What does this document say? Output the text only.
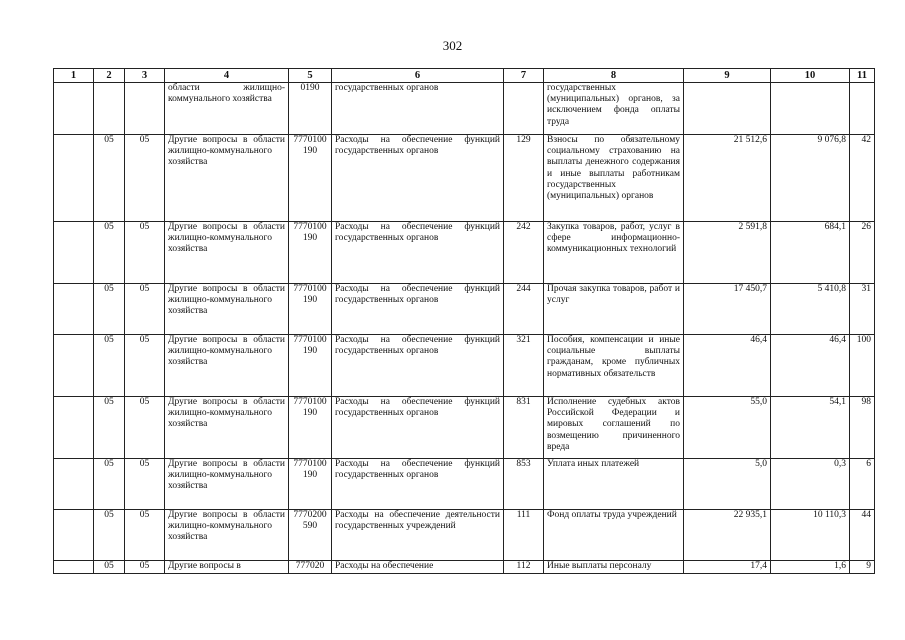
302
1	2	3	4	5	6	7	8	9	10	11
			области жилищно-коммунального хозяйства	0190	государственных органов		государственных (муниципальных) органов, за исключением фонда оплаты труда			
	05	05	Другие вопросы в области жилищно-коммунального хозяйства	7770100190	Расходы на обеспечение функций государственных органов	129	Взносы по обязательному социальному страхованию на выплаты денежного содержания и иные выплаты работникам государственных (муниципальных) органов	21 512,6	9 076,8	42
	05	05	Другие вопросы в области жилищно-коммунального хозяйства	7770100190	Расходы на обеспечение функций государственных органов	242	Закупка товаров, работ, услуг в сфере информационно-коммуникационных технологий	2 591,8	684,1	26
	05	05	Другие вопросы в области жилищно-коммунального хозяйства	7770100190	Расходы на обеспечение функций государственных органов	244	Прочая закупка товаров, работ и услуг	17 450,7	5 410,8	31
	05	05	Другие вопросы в области жилищно-коммунального хозяйства	7770100190	Расходы на обеспечение функций государственных органов	321	Пособия, компенсации и иные социальные выплаты гражданам, кроме публичных нормативных обязательств	46,4	46,4	100
	05	05	Другие вопросы в области жилищно-коммунального хозяйства	7770100190	Расходы на обеспечение функций государственных органов	831	Исполнение судебных актов Российской Федерации и мировых соглашений по возмещению причиненного вреда	55,0	54,1	98
	05	05	Другие вопросы в области жилищно-коммунального хозяйства	7770100190	Расходы на обеспечение функций государственных органов	853	Уплата иных платежей	5,0	0,3	6
	05	05	Другие вопросы в области жилищно-коммунального хозяйства	7770200590	Расходы на обеспечение деятельности государственных учреждений	111	Фонд оплаты труда учреждений	22 935,1	10 110,3	44
	05	05	Другие вопросы в	777020	Расходы на обеспечение	112	Иные выплаты персоналу	17,4	1,6	9
